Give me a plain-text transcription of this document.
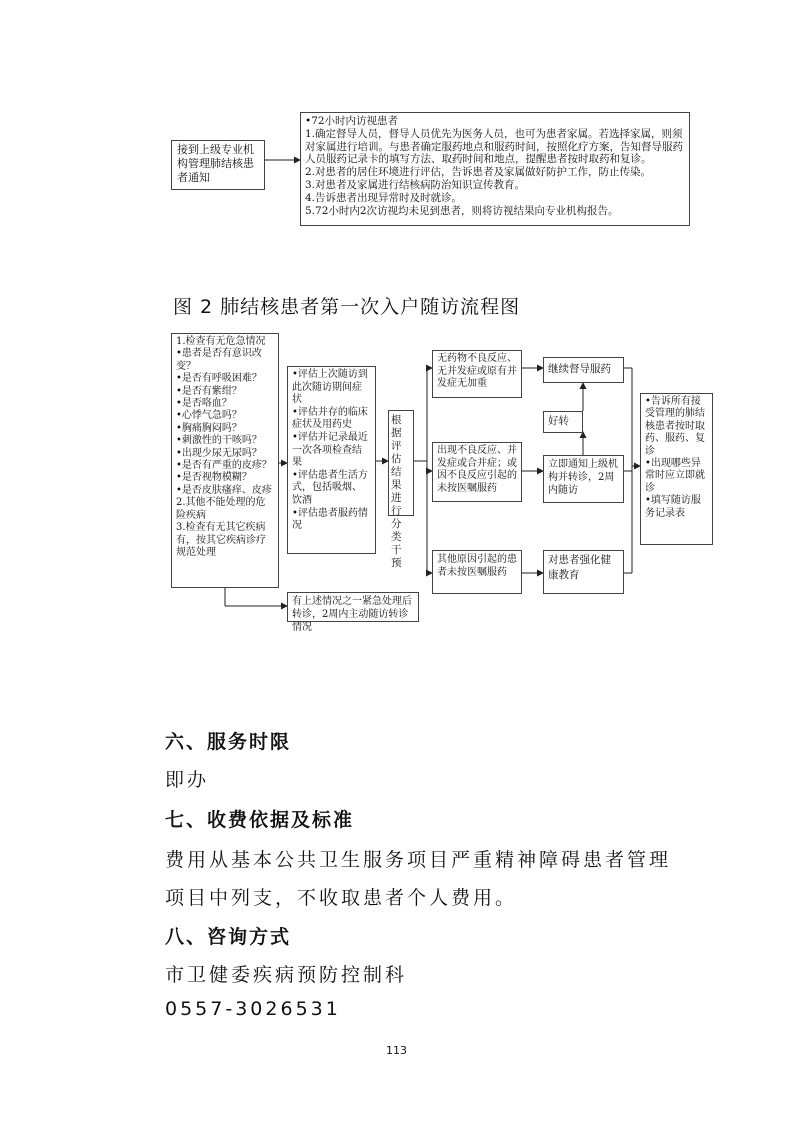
接到上级专业机构管理肺结核患者通知
•72小时内访视患者
1.确定督导人员，督导人员优先为医务人员，也可为患者家属。若选择家属，则须对家属进行培训。与患者确定服药地点和服药时间，按照化疗方案，告知督导服药人员服药记录卡的填写方法、取药时间和地点，提醒患者按时取药和复诊。
2.对患者的居住环境进行评估，告诉患者及家属做好防护工作，防止传染。
3.对患者及家属进行结核病防治知识宣传教育。
4.告诉患者出现异常时及时就诊。
5.72小时内2次访视均未见到患者，则将访视结果向专业机构报告。
图 2 肺结核患者第一次入户随访流程图
1.检查有无危急情况
•患者是否有意识改变？
•是否有呼吸困难？
•是否有紫绀？
•是否咯血？
•心悸气急吗？
•胸痛胸闷吗？
•刺激性的干咳吗？
•出现少尿无尿吗？
•是否有严重的皮疹？
•是否视物模糊？
•是否皮肤瘙痒、皮疹
2.其他不能处理的危险疾病
3.检查有无其它疾病有，按其它疾病诊疗规范处理
•评估上次随访到此次随访期间症状
•评估并存的临床症状及用药史
•评估并记录最近一次各项检查结果
•评估患者生活方式，包括吸烟、饮酒
•评估患者服药情况
根据评估结果进行分类干预
无药物不良反应、无并发症或原有并发症无加重
出现不良反应、并发症或合并症；或因不良反应引起的未按医嘱服药
其他原因引起的患者未按医嘱服药
继续督导服药
好转
立即通知上级机构并转诊，2周内随访
对患者强化健康教育
•告诉所有接受管理的肺结核患者按时取药、服药、复诊
•出现哪些异常时应立即就诊
•填写随访服务记录表
有上述情况之一紧急处理后转诊，2周内主动随访转诊情况
六、服务时限
即办
七、收费依据及标准
费用从基本公共卫生服务项目严重精神障碍患者管理
项目中列支，不收取患者个人费用。
八、咨询方式
市卫健委疾病预防控制科
0557-3026531
113
